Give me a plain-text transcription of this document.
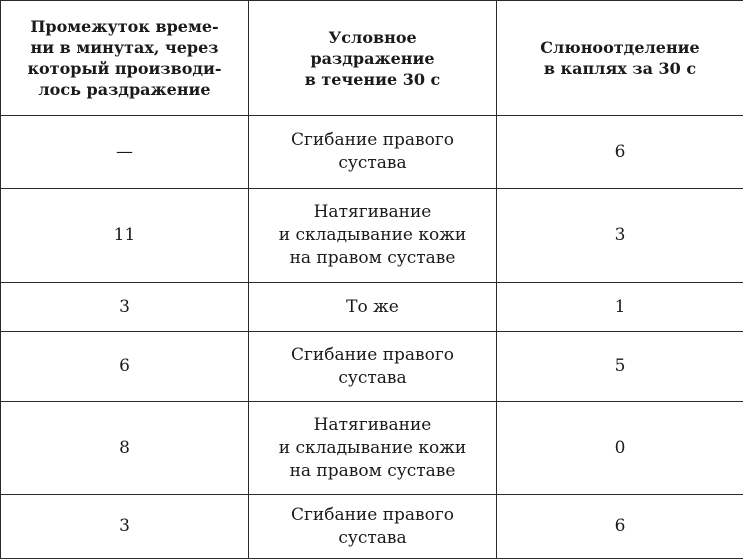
Промежуток време-
ни в минутах, через
который производи-
лось раздражение	Условное
раздражение
в течение 30 с	Слюноотделение
в каплях за 30 с

—	Сгибание правого
сустава	6
11	Натягивание
и складывание кожи
на правом суставе	3
3	То же	1
6	Сгибание правого
сустава	5
8	Натягивание
и складывание кожи
на правом суставе	0
3	Сгибание правого
сустава	6
